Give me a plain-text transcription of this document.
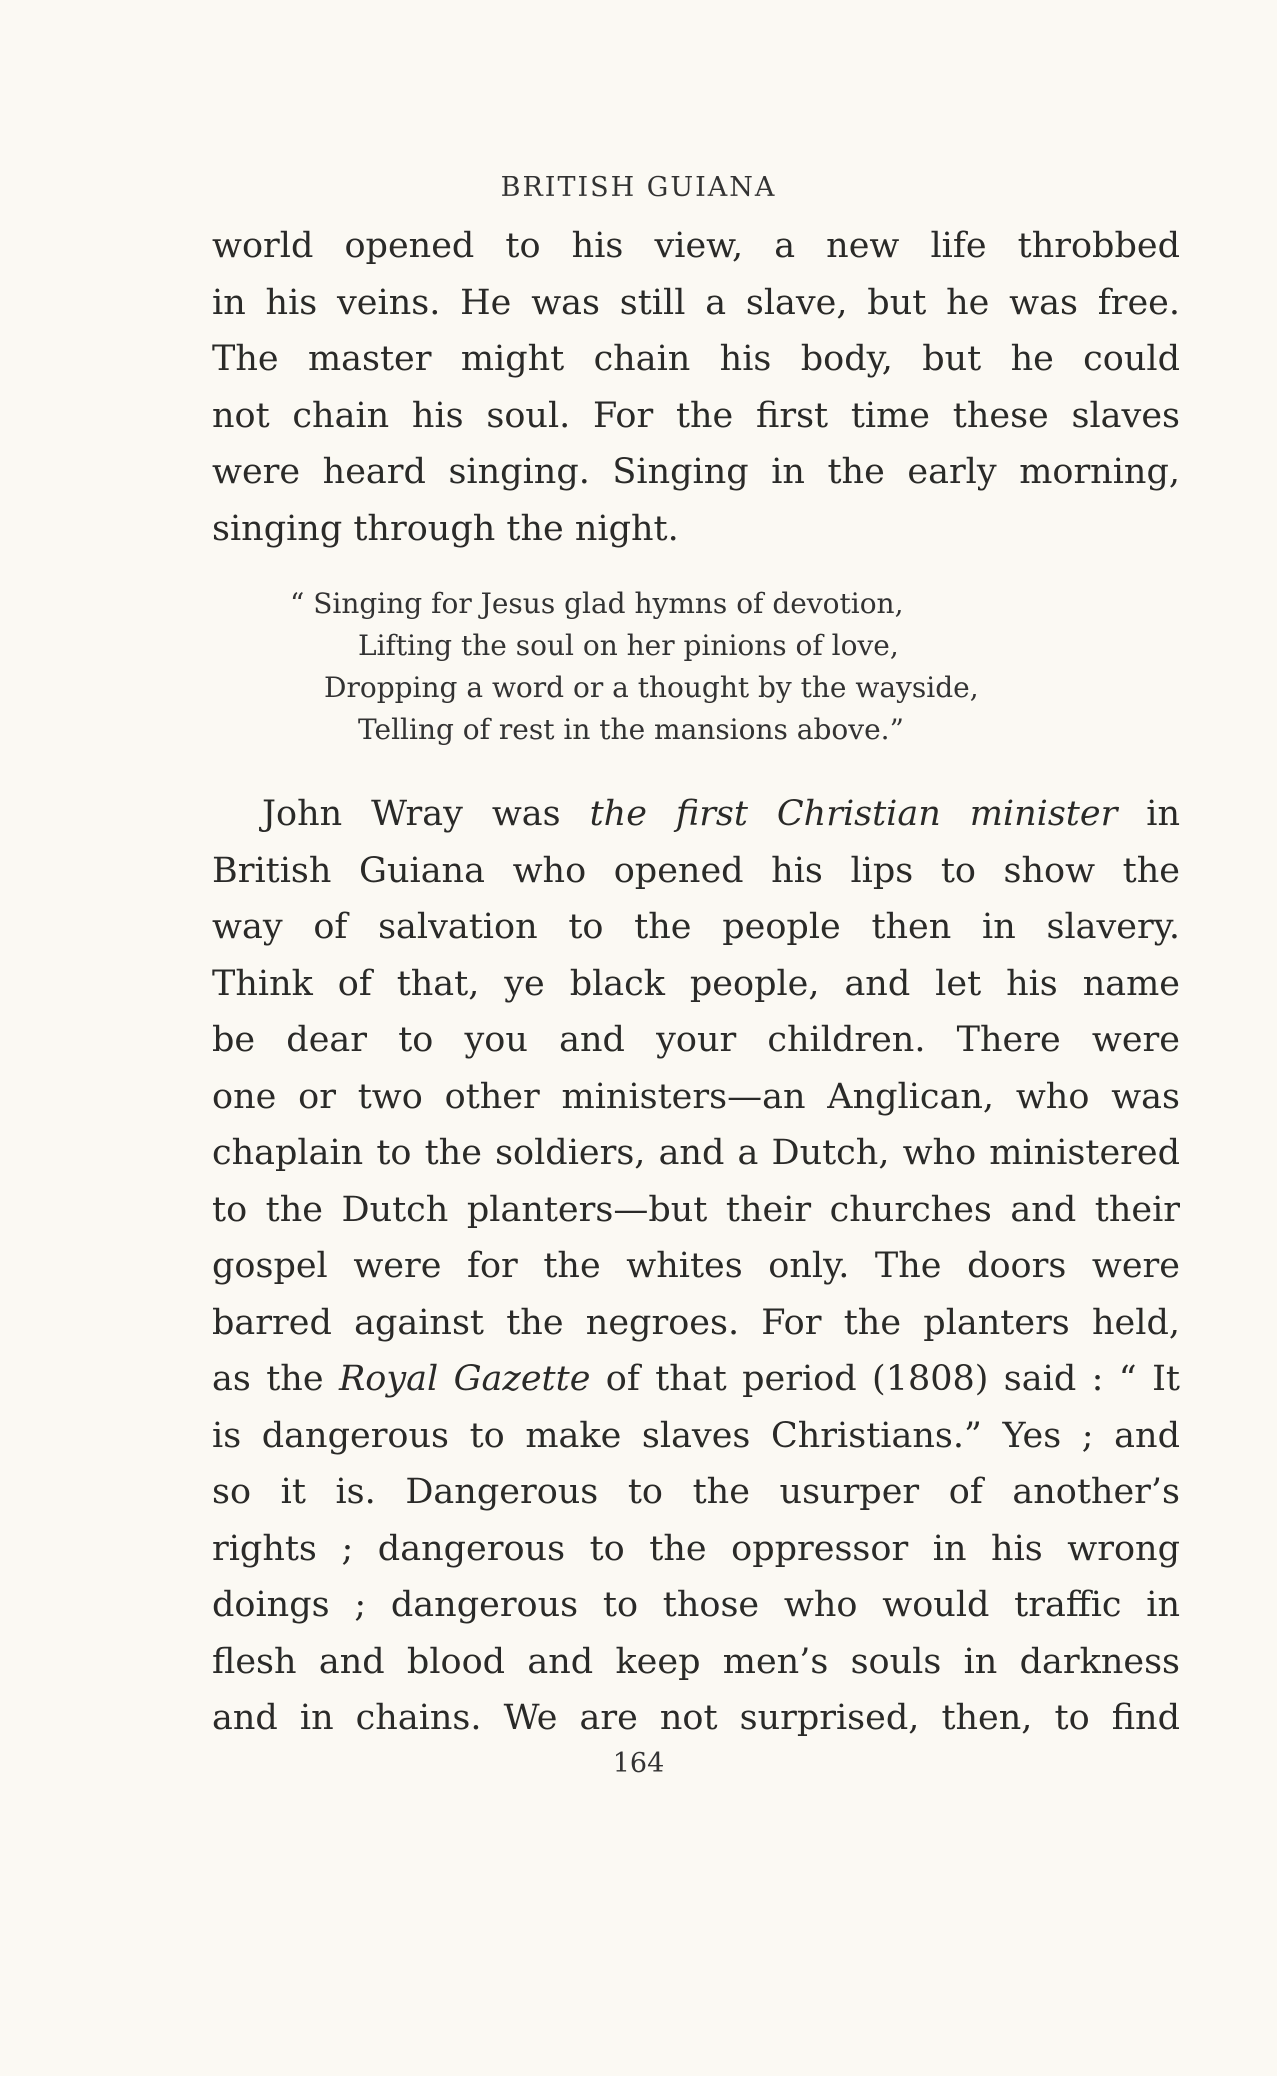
BRITISH GUIANA
world opened to his view, a new life throbbed
in his veins. He was still a slave, but he was free.
The master might chain his body, but he could
not chain his soul. For the first time these slaves
were heard singing. Singing in the early morning,
singing through the night.
“ Singing for Jesus glad hymns of devotion,
Lifting the soul on her pinions of love,
Dropping a word or a thought by the wayside,
Telling of rest in the mansions above.”
John Wray was the first Christian minister in
British Guiana who opened his lips to show the
way of salvation to the people then in slavery.
Think of that, ye black people, and let his name
be dear to you and your children. There were
one or two other ministers—an Anglican, who was
chaplain to the soldiers, and a Dutch, who ministered
to the Dutch planters—but their churches and their
gospel were for the whites only. The doors were
barred against the negroes. For the planters held,
as the Royal Gazette of that period (1808) said : “ It
is dangerous to make slaves Christians.” Yes ; and
so it is. Dangerous to the usurper of another’s
rights ; dangerous to the oppressor in his wrong
doings ; dangerous to those who would traffic in
flesh and blood and keep men’s souls in darkness
and in chains. We are not surprised, then, to find
164
